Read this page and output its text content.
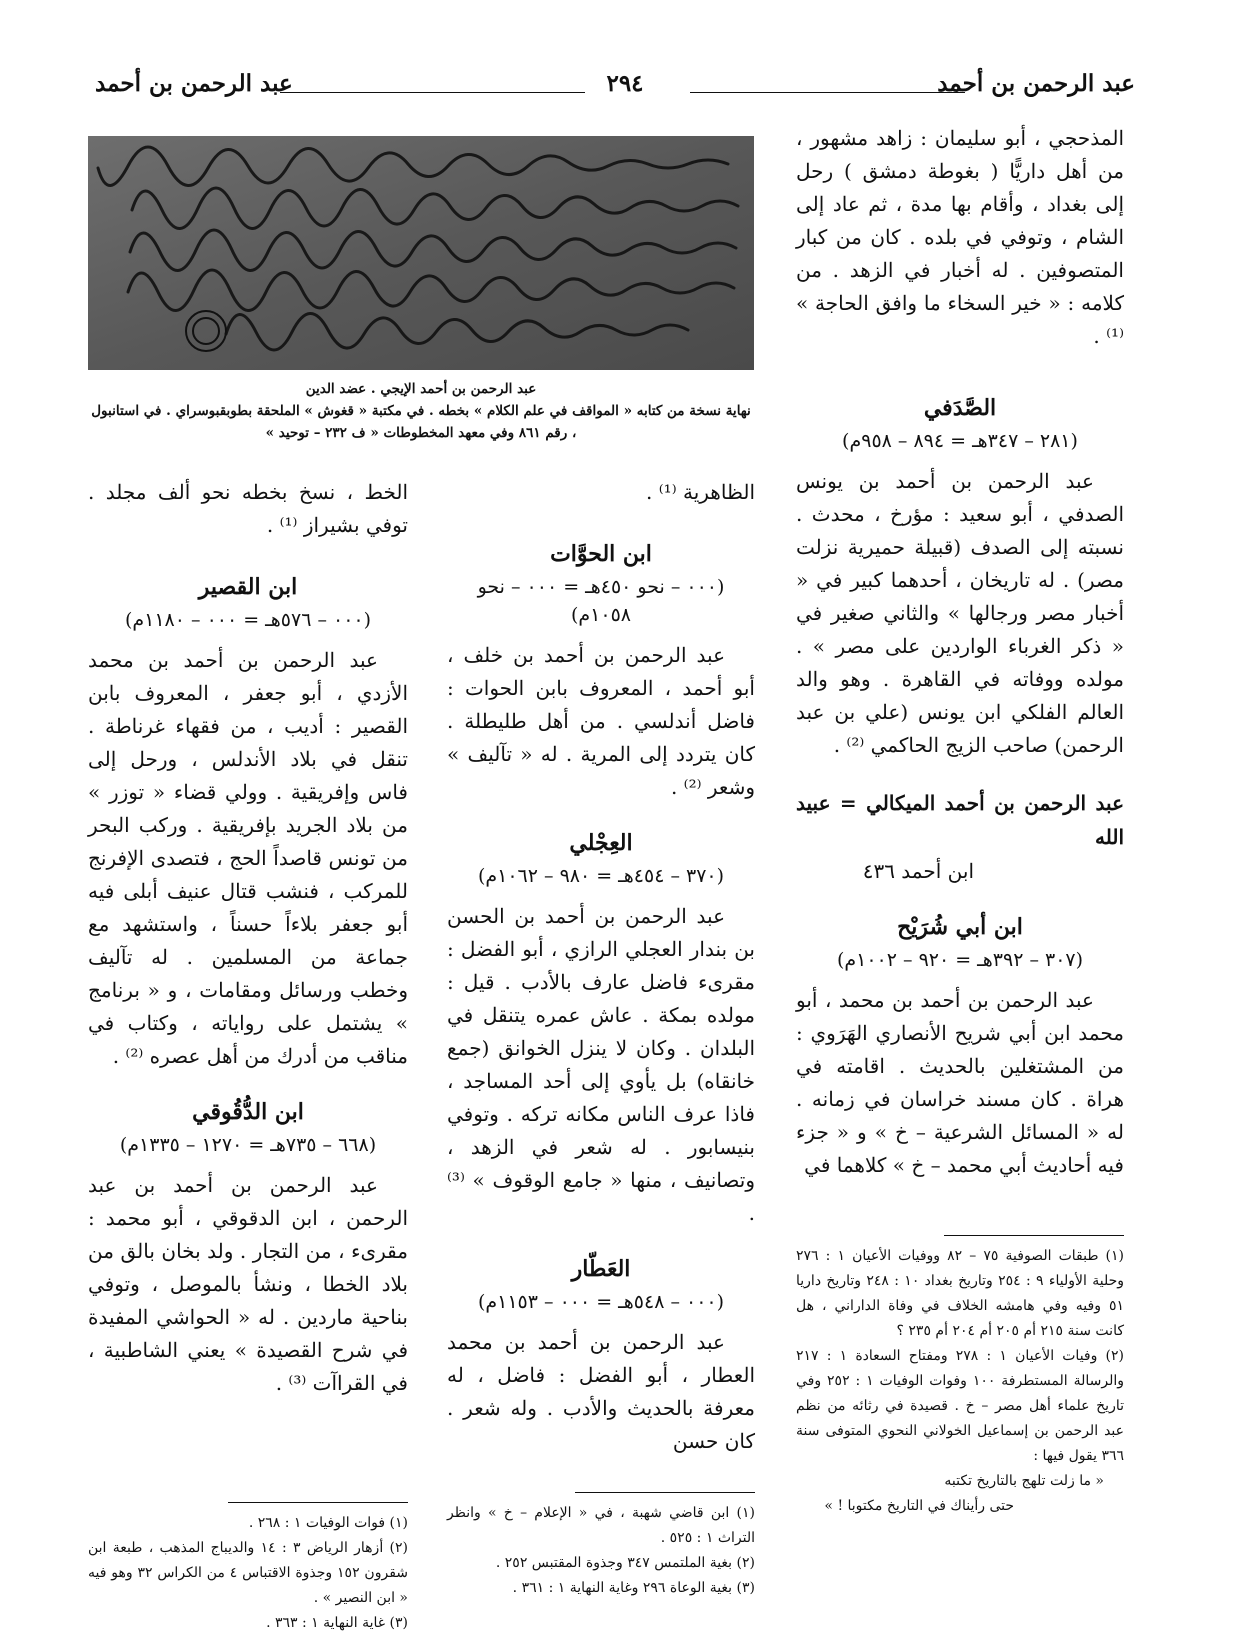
عبد الرحمن بن أحمد
٢٩٤
عبد الرحمن بن أحمد

المذحجي ، أبو سليمان : زاهد مشهور ، من أهل داريًّا ( بغوطة دمشق ) رحل إلى بغداد ، وأقام بها مدة ، ثم عاد إلى الشام ، وتوفي في بلده . كان من كبار المتصوفين . له أخبار في الزهد . من كلامه : « خير السخاء ما وافق الحاجة » ⁽¹⁾ .

الصَّدَفي
(٢٨١ – ٣٤٧هـ = ٨٩٤ – ٩٥٨م)

عبد الرحمن بن أحمد بن يونس الصدفي ، أبو سعيد : مؤرخ ، محدث . نسبته إلى الصدف (قبيلة حميرية نزلت مصر) . له تاريخان ، أحدهما كبير في « أخبار مصر ورجالها » والثاني صغير في « ذكر الغرباء الواردين على مصر » . مولده ووفاته في القاهرة . وهو والد العالم الفلكي ابن يونس (علي بن عبد الرحمن) صاحب الزيج الحاكمي ⁽²⁾ .

عبد الرحمن بن أحمد الميكالي = عبيد الله
ابن أحمد ٤٣٦
ابن أبي شُرَيْح
(٣٠٧ – ٣٩٢هـ = ٩٢٠ – ١٠٠٢م)

عبد الرحمن بن أحمد بن محمد ، أبو محمد ابن أبي شريح الأنصاري الهَرَوي : من المشتغلين بالحديث . اقامته في هراة . كان مسند خراسان في زمانه . له « المسائل الشرعية – خ » و « جزء فيه أحاديث أبي محمد – خ » كلاهما في

(١) طبقات الصوفية ٧٥ – ٨٢ ووفيات الأعيان ١ : ٢٧٦ وحلية الأولياء ٩ : ٢٥٤ وتاريخ بغداد ١٠ : ٢٤٨ وتاريخ داريا ٥١ وفيه وفي هامشه الخلاف في وفاة الداراني ، هل كانت سنة ٢١٥ أم ٢٠٥ أم ٢٠٤ أم ٢٣٥ ؟

(٢) وفيات الأعيان ١ : ٢٧٨ ومفتاح السعادة ١ : ٢١٧ والرسالة المستطرفة ١٠٠ وفوات الوفيات ١ : ٢٥٢ وفي تاريخ علماء أهل مصر – خ . قصيدة في رثائه من نظم عبد الرحمن بن إسماعيل الخولاني النحوي المتوفى سنة ٣٦٦ يقول فيها :

« ما زلت تلهج بالتاريخ تكتبه

حتى رأيناك في التاريخ مكتوبا ! »

عبد الرحمن بن أحمد الإيجي . عضد الدين
نهاية نسخة من كتابه « المواقف في علم الكلام » بخطه . في مكتبة « قغوش » الملحقة بطوبقبوسراي . في استانبول ، رقم ٨٦١ وفي معهد المخطوطات « ف ٢٣٢ – توحيد »

الظاهرية ⁽¹⁾ .

ابن الحوَّات
(٠٠٠ – نحو ٤٥٠هـ = ٠٠٠ – نحو ١٠٥٨م)

عبد الرحمن بن أحمد بن خلف ، أبو أحمد ، المعروف بابن الحوات : فاضل أندلسي . من أهل طليطلة . كان يتردد إلى المرية . له « تآليف » وشعر ⁽²⁾ .

العِجْلي
(٣٧٠ – ٤٥٤هـ = ٩٨٠ – ١٠٦٢م)

عبد الرحمن بن أحمد بن الحسن بن بندار العجلي الرازي ، أبو الفضل : مقرىء فاضل عارف بالأدب . قيل : مولده بمكة . عاش عمره يتنقل في البلدان . وكان لا ينزل الخوانق (جمع خانقاه) بل يأوي إلى أحد المساجد ، فاذا عرف الناس مكانه تركه . وتوفي بنيسابور . له شعر في الزهد ، وتصانيف ، منها « جامع الوقوف » ⁽³⁾ .

العَطّار
(٠٠٠ – ٥٤٨هـ = ٠٠٠ – ١١٥٣م)

عبد الرحمن بن أحمد بن محمد العطار ، أبو الفضل : فاضل ، له معرفة بالحديث والأدب . وله شعر . كان حسن

(١) ابن قاضي شهبة ، في « الإعلام – خ » وانظر التراث ١ : ٥٢٥ .

(٢) بغية الملتمس ٣٤٧ وجذوة المقتبس ٢٥٢ .

(٣) بغية الوعاة ٢٩٦ وغاية النهاية ١ : ٣٦١ .

الخط ، نسخ بخطه نحو ألف مجلد . توفي بشيراز ⁽¹⁾ .

ابن القصير
(٠٠٠ – ٥٧٦هـ = ٠٠٠ – ١١٨٠م)

عبد الرحمن بن أحمد بن محمد الأزدي ، أبو جعفر ، المعروف بابن القصير : أديب ، من فقهاء غرناطة . تنقل في بلاد الأندلس ، ورحل إلى فاس وإفريقية . وولي قضاء « توزر » من بلاد الجريد بإفريقية . وركب البحر من تونس قاصداً الحج ، فتصدى الإفرنج للمركب ، فنشب قتال عنيف أبلى فيه أبو جعفر بلاءاً حسناً ، واستشهد مع جماعة من المسلمين . له تآليف وخطب ورسائل ومقامات ، و « برنامج » يشتمل على رواياته ، وكتاب في مناقب من أدرك من أهل عصره ⁽²⁾ .

ابن الدُّقُوقي
(٦٦٨ – ٧٣٥هـ = ١٢٧٠ – ١٣٣٥م)

عبد الرحمن بن أحمد بن عبد الرحمن ، ابن الدقوقي ، أبو محمد : مقرىء ، من التجار . ولد بخان بالق من بلاد الخطا ، ونشأ بالموصل ، وتوفي بناحية ماردين . له « الحواشي المفيدة في شرح القصيدة » يعني الشاطبية ، في القراآت ⁽³⁾ .

(١) فوات الوفيات ١ : ٢٦٨ .

(٢) أزهار الرياض ٣ : ١٤ والديباج المذهب ، طبعة ابن شقرون ١٥٢ وجذوة الاقتباس ٤ من الكراس ٣٢ وهو فيه « ابن النصير » .

(٣) غاية النهاية ١ : ٣٦٣ .
